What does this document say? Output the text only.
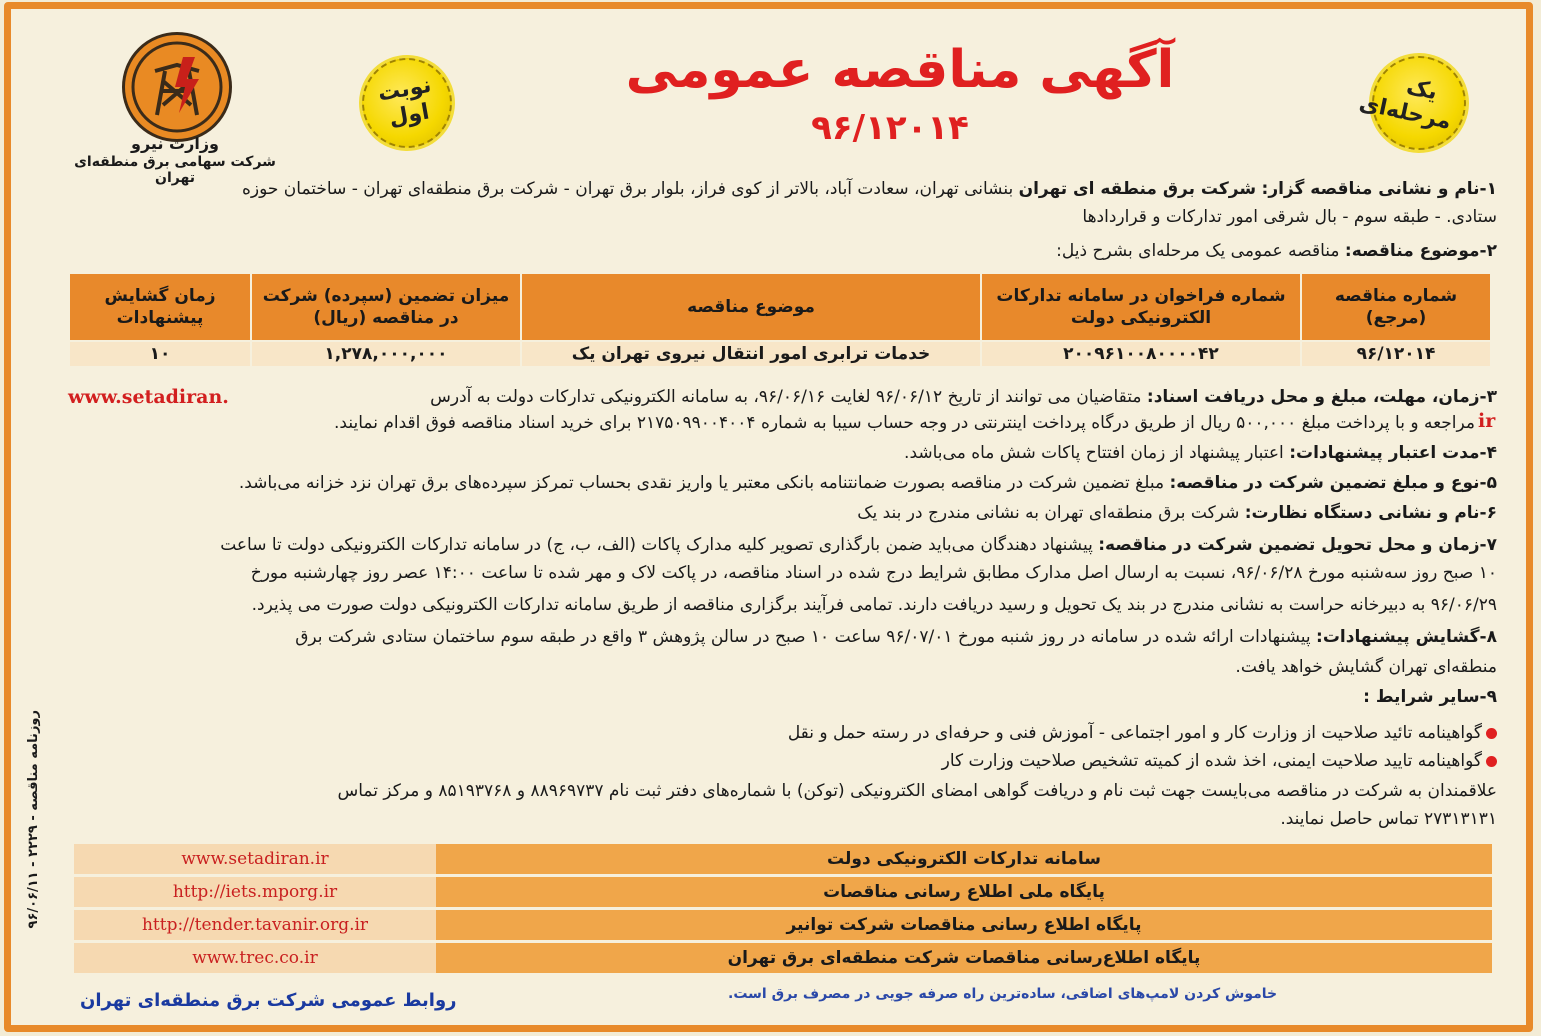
وزارت نیرو
شرکت سهامی برق منطقه‌ای تهران
نوبت اول
یک مرحله‌ای
آگهی مناقصه عمومی
۹۶/۱۲۰۱۴
۱-نام و نشانی مناقصه گزار: شرکت برق منطقه ای تهران بنشانی تهران، سعادت آباد، بالاتر از کوی فراز، بلوار برق تهران - شرکت برق منطقه‌ای تهران - ساختمان حوزه
ستادی. - طبقه سوم - بال شرقی امور تدارکات و قراردادها
۲-موضوع مناقصه: مناقصه عمومی یک مرحله‌ای بشرح ذیل:
شماره مناقصه (مرجع)	شماره فراخوان در سامانه تدارکات الکترونیکی دولت	موضوع مناقصه	میزان تضمین (سپرده) شرکت در مناقصه (ریال)	زمان گشایش پیشنهادات
۹۶/۱۲۰۱۴	۲۰۰۹۶۱۰۰۸۰۰۰۰۴۲	خدمات ترابری امور انتقال نیروی تهران یک	۱,۲۷۸,۰۰۰,۰۰۰	۱۰
۳-زمان، مهلت، مبلغ و محل دریافت اسناد: متقاضیان می توانند از تاریخ ۹۶/۰۶/۱۲ لغایت ۹۶/۰۶/۱۶، به سامانه الکترونیکی تدارکات دولت به آدرس
www.setadiran.
ir
مراجعه و با پرداخت مبلغ ۵۰۰,۰۰۰ ریال از طریق درگاه پرداخت اینترنتی در وجه حساب سیبا به شماره ۲۱۷۵۰۹۹۰۰۴۰۰۴ برای خرید اسناد مناقصه فوق اقدام نمایند.
۴-مدت اعتبار پیشنهادات: اعتبار پیشنهاد از زمان افتتاح پاکات شش ماه می‌باشد.
۵-نوع و مبلغ تضمین شرکت در مناقصه: مبلغ تضمین شرکت در مناقصه بصورت ضمانتنامه بانکی معتبر یا واریز نقدی بحساب تمرکز سپرده‌های برق تهران نزد خزانه می‌باشد.
۶-نام و نشانی دستگاه نظارت: شرکت برق منطقه‌ای تهران به نشانی مندرج در بند یک
۷-زمان و محل تحویل تضمین شرکت در مناقصه: پیشنهاد دهندگان می‌باید ضمن بارگذاری تصویر کلیه مدارک پاکات (الف، ب، ج) در سامانه تدارکات الکترونیکی دولت تا ساعت
۱۰ صبح روز سه‌شنبه مورخ ۹۶/۰۶/۲۸، نسبت به ارسال اصل مدارک مطابق شرایط درج شده در اسناد مناقصه، در پاکت لاک و مهر شده تا ساعت ۱۴:۰۰ عصر روز چهارشنبه مورخ
۹۶/۰۶/۲۹ به دبیرخانه حراست به نشانی مندرج در بند یک تحویل و رسید دریافت دارند. تمامی فرآیند برگزاری مناقصه از طریق سامانه تدارکات الکترونیکی دولت صورت می پذیرد.
۸-گشایش پیشنهادات: پیشنهادات ارائه شده در سامانه در روز شنبه مورخ ۹۶/۰۷/۰۱ ساعت ۱۰ صبح در سالن پژوهش ۳ واقع در طبقه سوم ساختمان ستادی شرکت برق
منطقه‌ای تهران گشایش خواهد یافت.
۹-سایر شرایط :
گواهینامه تائید صلاحیت از وزارت کار و امور اجتماعی - آموزش فنی و حرفه‌ای در رسته حمل و نقل
گواهینامه تایید صلاحیت ایمنی، اخذ شده از کمیته تشخیص صلاحیت وزارت کار
علاقمندان به شرکت در مناقصه می‌بایست جهت ثبت نام و دریافت گواهی امضای الکترونیکی (توکن) با شماره‌های دفتر ثبت نام ۸۸۹۶۹۷۳۷ و ۸۵۱۹۳۷۶۸ و مرکز تماس
۲۷۳۱۳۱۳۱ تماس حاصل نمایند.
سامانه تدارکات الکترونیکی دولت	www.setadiran.ir
پایگاه ملی اطلاع رسانی مناقصات	http://iets.mporg.ir
پایگاه اطلاع رسانی مناقصات شرکت توانیر	http://tender.tavanir.org.ir
پایگاه اطلاع‌رسانی مناقصات شرکت منطقه‌ای برق تهران	www.trec.co.ir
روابط عمومی شرکت برق منطقه‌ای تهران	خاموش کردن لامپ‌های اضافی، ساده‌ترین راه صرفه جویی در مصرف برق است.
روزنامه مناقصه - ۲۲۲۹ - ۹۶/۰۶/۱۱
